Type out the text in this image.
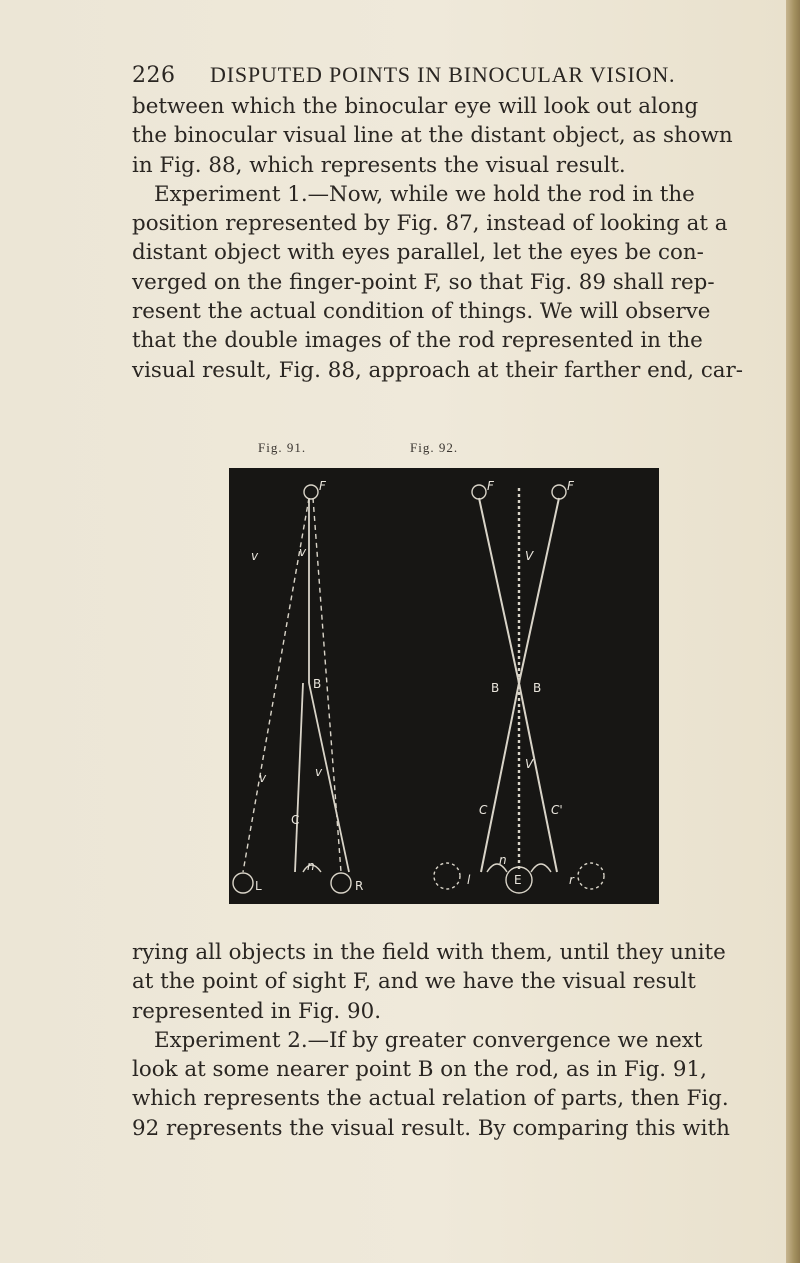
226 DISPUTED POINTS IN BINOCULAR VISION.
between which the binocular eye will look out along
the binocular visual line at the distant object, as shown
in Fig. 88, which represents the visual result.
Experiment 1.—Now, while we hold the rod in the
position represented by Fig. 87, instead of looking at a
distant object with eyes parallel, let the eyes be con-
verged on the finger-point F, so that Fig. 89 shall rep-
resent the actual condition of things. We will observe
that the double images of the rod represented in the
visual result, Fig. 88, approach at their farther end, car-
Fig. 91.	Fig. 92.
F
v	v
B
v	v
C
n
L	R
F	F
V
B	B
V
C	C'
l
n
r
E
rying all objects in the field with them, until they unite
at the point of sight F, and we have the visual result
represented in Fig. 90.
Experiment 2.—If by greater convergence we next
look at some nearer point B on the rod, as in Fig. 91,
which represents the actual relation of parts, then Fig.
92 represents the visual result. By comparing this with
